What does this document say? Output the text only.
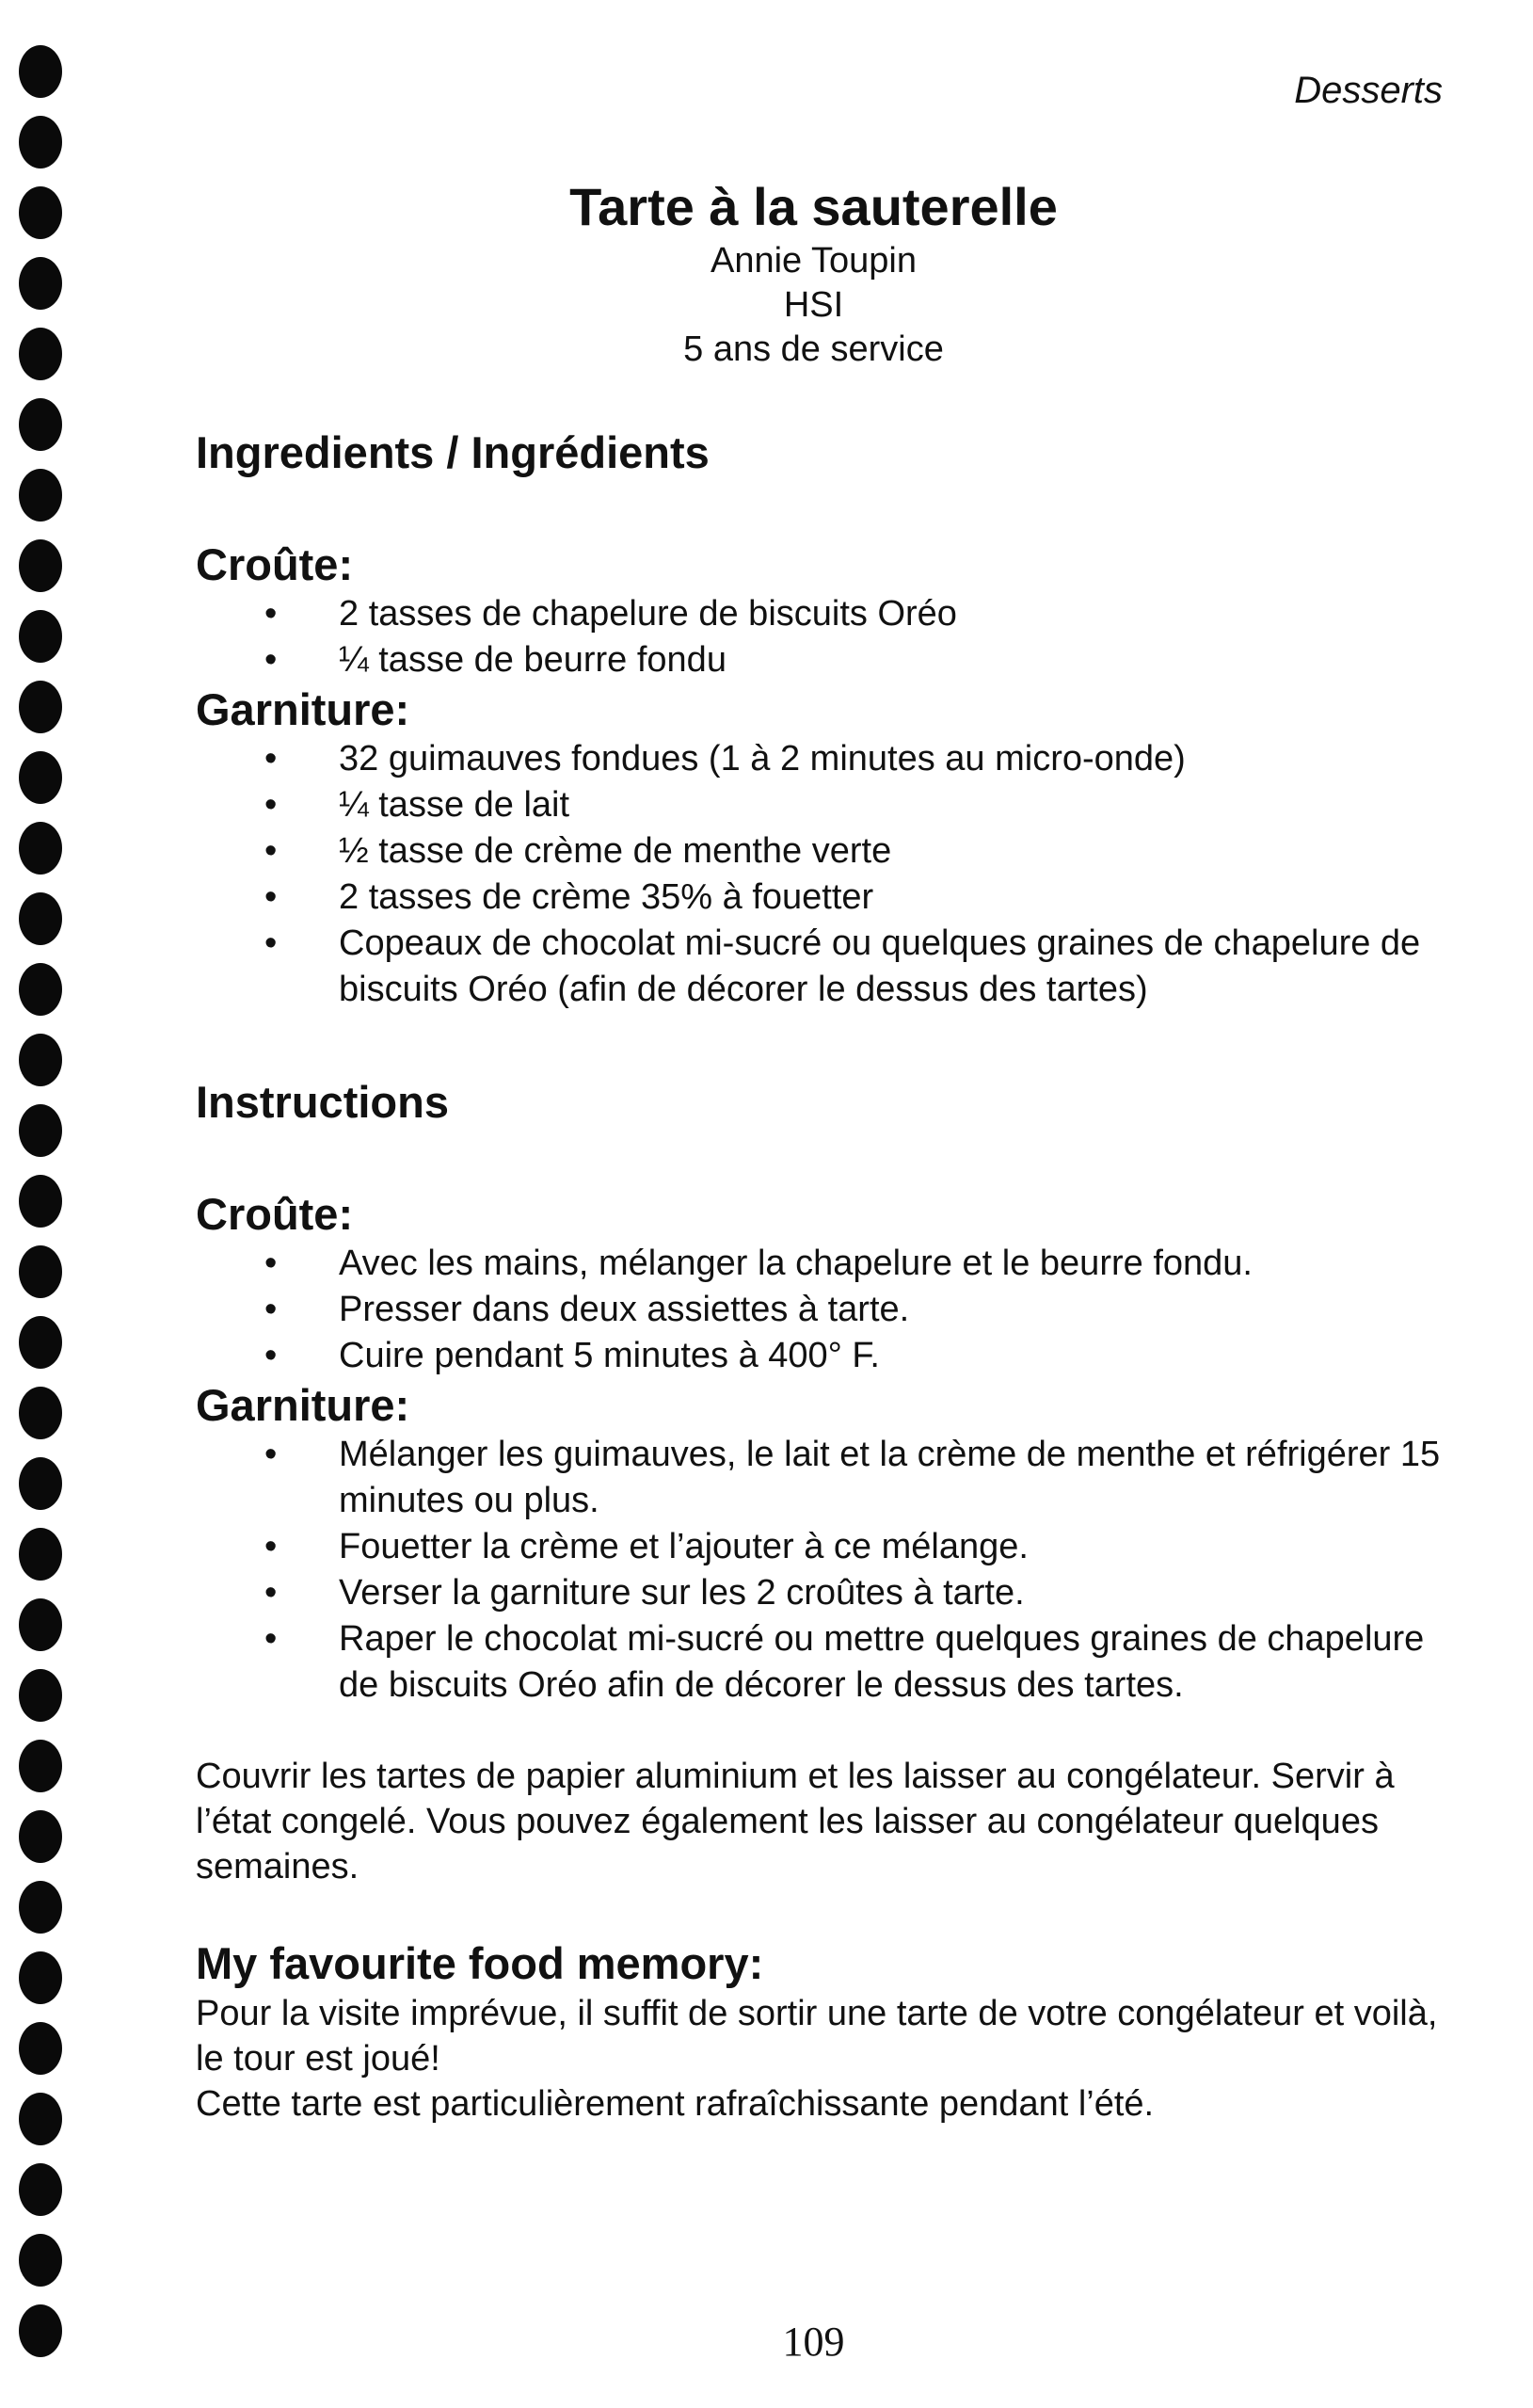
Desserts
Tarte à la sauterelle
Annie Toupin
HSI
5 ans de service
Ingredients / Ingrédients
Croûte:
• 2 tasses de chapelure de biscuits Oréo
• ¼ tasse de beurre fondu
Garniture:
• 32 guimauves fondues (1 à 2 minutes au micro-onde)
• ¼ tasse de lait
• ½ tasse de crème de menthe verte
• 2 tasses de crème 35% à fouetter
• Copeaux de chocolat mi-sucré ou quelques graines de chapelure de biscuits Oréo (afin de décorer le dessus des tartes)
Instructions
Croûte:
• Avec les mains, mélanger la chapelure et le beurre fondu.
• Presser dans deux assiettes à tarte.
• Cuire pendant 5 minutes à 400° F.
Garniture:
• Mélanger les guimauves, le lait et la crème de menthe et réfrigérer 15 minutes ou plus.
• Fouetter la crème et l’ajouter à ce mélange.
• Verser la garniture sur les 2 croûtes à tarte.
• Raper le chocolat mi-sucré ou mettre quelques graines de chapelure de biscuits Oréo afin de décorer le dessus des tartes.

Couvrir les tartes de papier aluminium et les laisser au congélateur. Servir à l’état congelé. Vous pouvez également les laisser au congélateur quelques semaines.

My favourite food memory:

Pour la visite imprévue, il suffit de sortir une tarte de votre congélateur et voilà, le tour est joué!

Cette tarte est particulièrement rafraîchissante pendant l’été.

109
